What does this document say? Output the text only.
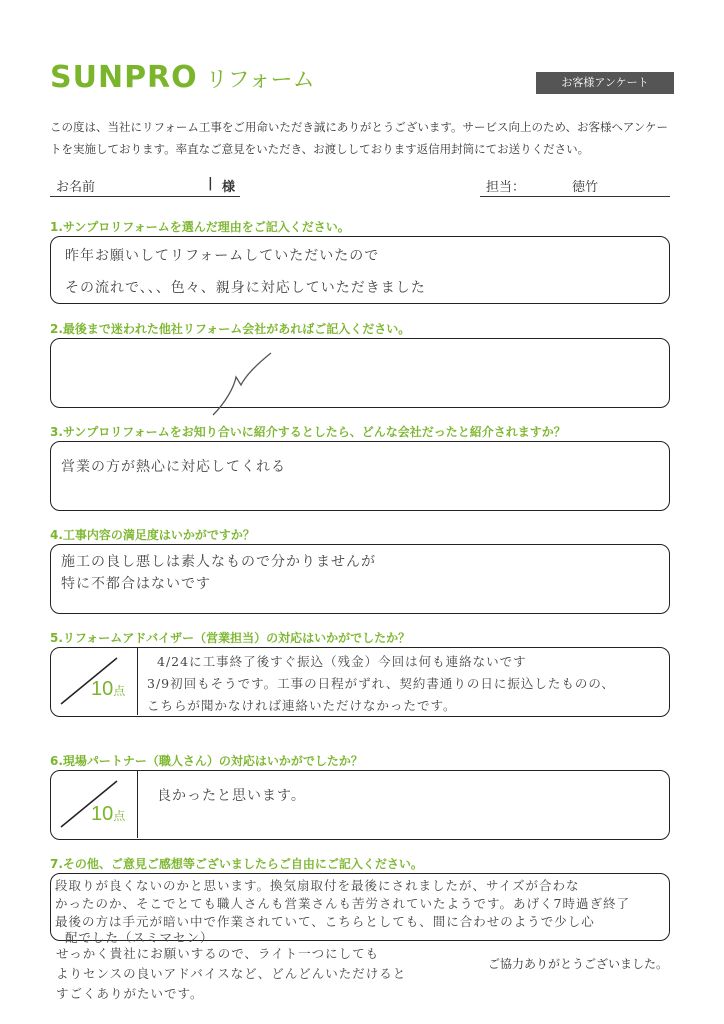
SUNPRO リフォーム	お客様アンケート
この度は、当社にリフォーム工事をご用命いただき誠にありがとうございます。サービス向上のため、お客様へアンケー
トを実施しております。率直なご意見をいただき、お渡ししております返信用封筒にてお送りください。
お名前	| 様	担当：	徳竹
1.サンプロリフォームを選んだ理由をご記入ください。
昨年お願いしてリフォームしていただいたので
その流れで、、、色々、親身に対応していただきました
2.最後まで迷われた他社リフォーム会社があればご記入ください。
3.サンプロリフォームをお知り合いに紹介するとしたら、どんな会社だったと紹介されますか？
営業の方が熱心に対応してくれる
4.工事内容の満足度はいかがですか？
施工の良し悪しは素人なもので分かりませんが
特に不都合はないです
5.リフォームアドバイザー（営業担当）の対応はいかがでしたか？
10点
4/24に工事終了後すぐ振込（残金）今回は何も連絡ないです
3/9初回もそうです。工事の日程がずれ、契約書通りの日に振込したものの、
こちらが聞かなければ連絡いただけなかったです。
6.現場パートナー（職人さん）の対応はいかがでしたか？
10点
良かったと思います。
7.その他、ご意見ご感想等ございましたらご自由にご記入ください。
段取りが良くないのかと思います。換気扇取付を最後にされましたが、サイズが合わな
かったのか、そこでとても職人さんも営業さんも苦労されていたようです。あげく7時過ぎ終了
最後の方は手元が暗い中で作業されていて、こちらとしても、間に合わせのようで少し心
配でした（スミマセン）
せっかく貴社にお願いするので、ライト一つにしても
よりセンスの良いアドバイスなど、どんどんいただけると
すごくありがたいです。
ご協力ありがとうございました。
